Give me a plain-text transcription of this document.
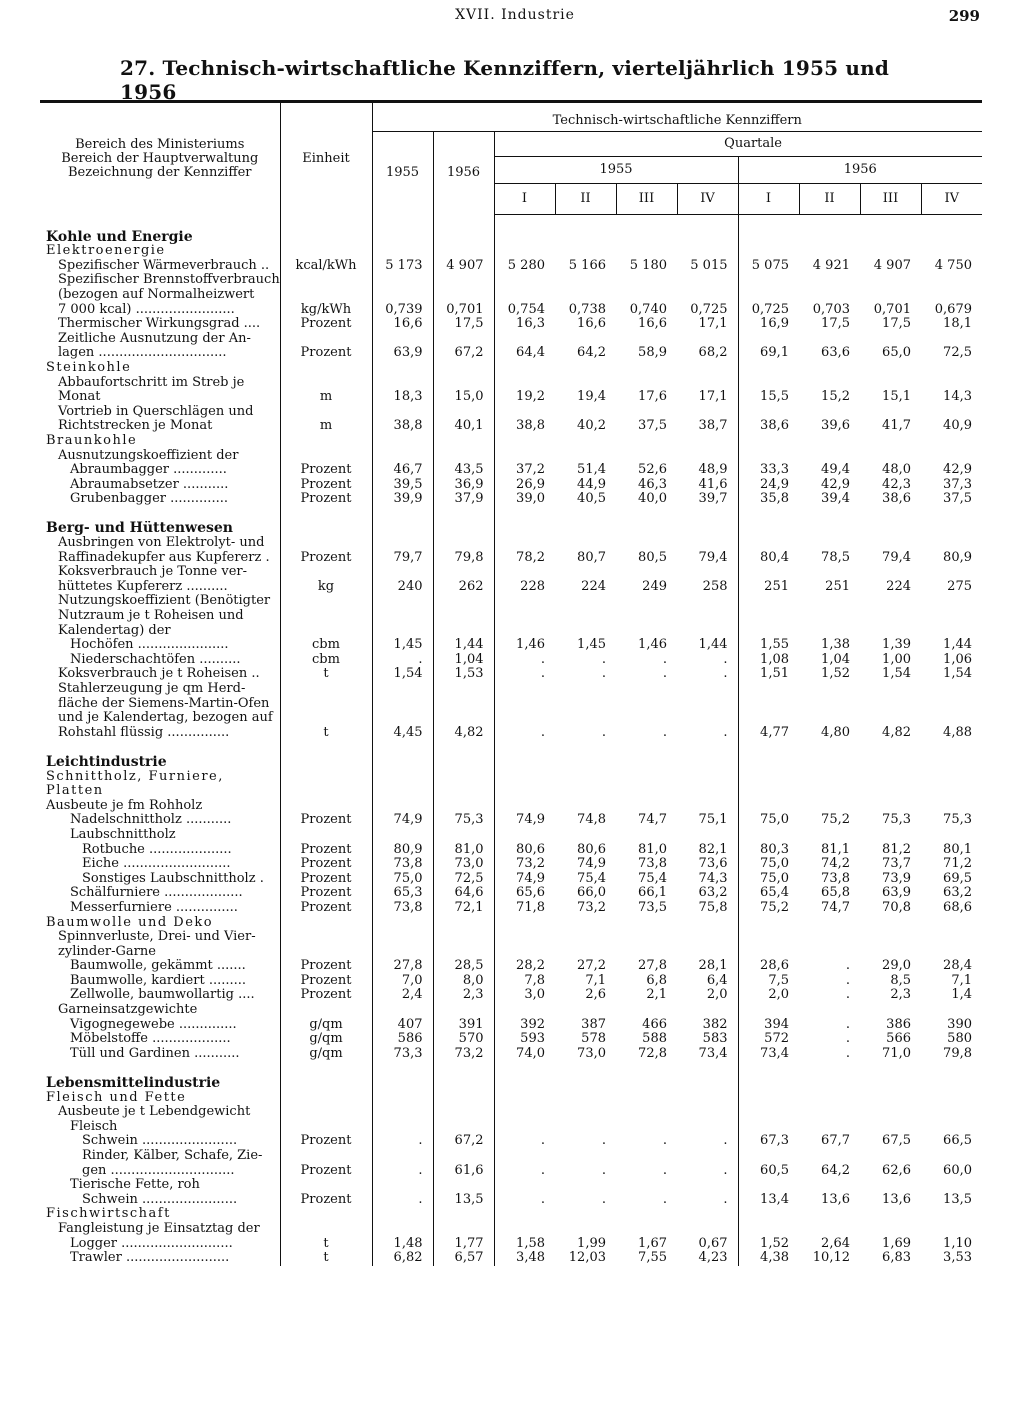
XVII. Industrie	299
27. Technisch-wirtschaftliche Kennziffern, vierteljährlich 1955 und 1956
Bereich des Ministeriums
Bereich der Hauptverwaltung
Bezeichnung der Kennziffer	Einheit										
		Technisch-wirtschaftliche Kennziffern									
		1955	1956	Quartale							
				1955				1956			
				I	II	III	IV	I	II	III	IV

Kohle und Energie											
Elektroenergie											
Spezifischer Wärmeverbrauch ..	kcal/kWh	5 173	4 907	5 280	5 166	5 180	5 015	5 075	4 921	4 907	4 750
Spezifischer Brennstoffverbrauch											
(bezogen auf Normalheizwert											
7 000 kcal) ........................	kg/kWh	0,739	0,701	0,754	0,738	0,740	0,725	0,725	0,703	0,701	0,679
Thermischer Wirkungsgrad ....	Prozent	16,6	17,5	16,3	16,6	16,6	17,1	16,9	17,5	17,5	18,1
Zeitliche Ausnutzung der An-											
lagen ...............................	Prozent	63,9	67,2	64,4	64,2	58,9	68,2	69,1	63,6	65,0	72,5
Steinkohle											
Abbaufortschritt im Streb je											
Monat	m	18,3	15,0	19,2	19,4	17,6	17,1	15,5	15,2	15,1	14,3
Vortrieb in Querschlägen und											
Richtstrecken je Monat	m	38,8	40,1	38,8	40,2	37,5	38,7	38,6	39,6	41,7	40,9
Braunkohle											
Ausnutzungskoeffizient der											
Abraumbagger .............	Prozent	46,7	43,5	37,2	51,4	52,6	48,9	33,3	49,4	48,0	42,9
Abraumabsetzer ...........	Prozent	39,5	36,9	26,9	44,9	46,3	41,6	24,9	42,9	42,3	37,3
Grubenbagger ..............	Prozent	39,9	37,9	39,0	40,5	40,0	39,7	35,8	39,4	38,6	37,5

Berg- und Hüttenwesen											
Ausbringen von Elektrolyt- und											
Raffinadekupfer aus Kupfererz .	Prozent	79,7	79,8	78,2	80,7	80,5	79,4	80,4	78,5	79,4	80,9
Koksverbrauch je Tonne ver-											
hüttetes Kupfererz ..........	kg	240	262	228	224	249	258	251	251	224	275
Nutzungskoeffizient (Benötigter											
Nutzraum je t Roheisen und											
Kalendertag) der											
Hochöfen ......................	cbm	1,45	1,44	1,46	1,45	1,46	1,44	1,55	1,38	1,39	1,44
Niederschachtöfen ..........	cbm	.	1,04	.	.	.	.	1,08	1,04	1,00	1,06
Koksverbrauch je t Roheisen ..	t	1,54	1,53	.	.	.	.	1,51	1,52	1,54	1,54
Stahlerzeugung je qm Herd-											
fläche der Siemens-Martin-Öfen											
und je Kalendertag, bezogen auf											
Rohstahl flüssig ...............	t	4,45	4,82	.	.	.	.	4,77	4,80	4,82	4,88

Leichtindustrie											
Schnittholz, Furniere,											
Platten											
Ausbeute je fm Rohholz											
Nadelschnittholz ...........	Prozent	74,9	75,3	74,9	74,8	74,7	75,1	75,0	75,2	75,3	75,3
Laubschnittholz											
Rotbuche ....................	Prozent	80,9	81,0	80,6	80,6	81,0	82,1	80,3	81,1	81,2	80,1
Eiche ..........................	Prozent	73,8	73,0	73,2	74,9	73,8	73,6	75,0	74,2	73,7	71,2
Sonstiges Laubschnittholz .	Prozent	75,0	72,5	74,9	75,4	75,4	74,3	75,0	73,8	73,9	69,5
Schälfurniere ...................	Prozent	65,3	64,6	65,6	66,0	66,1	63,2	65,4	65,8	63,9	63,2
Messerfurniere ...............	Prozent	73,8	72,1	71,8	73,2	73,5	75,8	75,2	74,7	70,8	68,6
Baumwolle und Deko											
Spinnverluste, Drei- und Vier-											
zylinder-Garne											
Baumwolle, gekämmt .......	Prozent	27,8	28,5	28,2	27,2	27,8	28,1	28,6	.	29,0	28,4
Baumwolle, kardiert .........	Prozent	7,0	8,0	7,8	7,1	6,8	6,4	7,5	.	8,5	7,1
Zellwolle, baumwollartig ....	Prozent	2,4	2,3	3,0	2,6	2,1	2,0	2,0	.	2,3	1,4
Garneinsatzgewichte											
Vigognegewebe ..............	g/qm	407	391	392	387	466	382	394	.	386	390
Möbelstoffe ...................	g/qm	586	570	593	578	588	583	572	.	566	580
Tüll und Gardinen ...........	g/qm	73,3	73,2	74,0	73,0	72,8	73,4	73,4	.	71,0	79,8

Lebensmittelindustrie											
Fleisch und Fette											
Ausbeute je t Lebendgewicht											
Fleisch											
Schwein .......................	Prozent	.	67,2	.	.	.	.	67,3	67,7	67,5	66,5
Rinder, Kälber, Schafe, Zie-											
gen ..............................	Prozent	.	61,6	.	.	.	.	60,5	64,2	62,6	60,0
Tierische Fette, roh											
Schwein .......................	Prozent	.	13,5	.	.	.	.	13,4	13,6	13,6	13,5
Fischwirtschaft											
Fangleistung je Einsatztag der											
Logger ...........................	t	1,48	1,77	1,58	1,99	1,67	0,67	1,52	2,64	1,69	1,10
Trawler .........................	t	6,82	6,57	3,48	12,03	7,55	4,23	4,38	10,12	6,83	3,53
